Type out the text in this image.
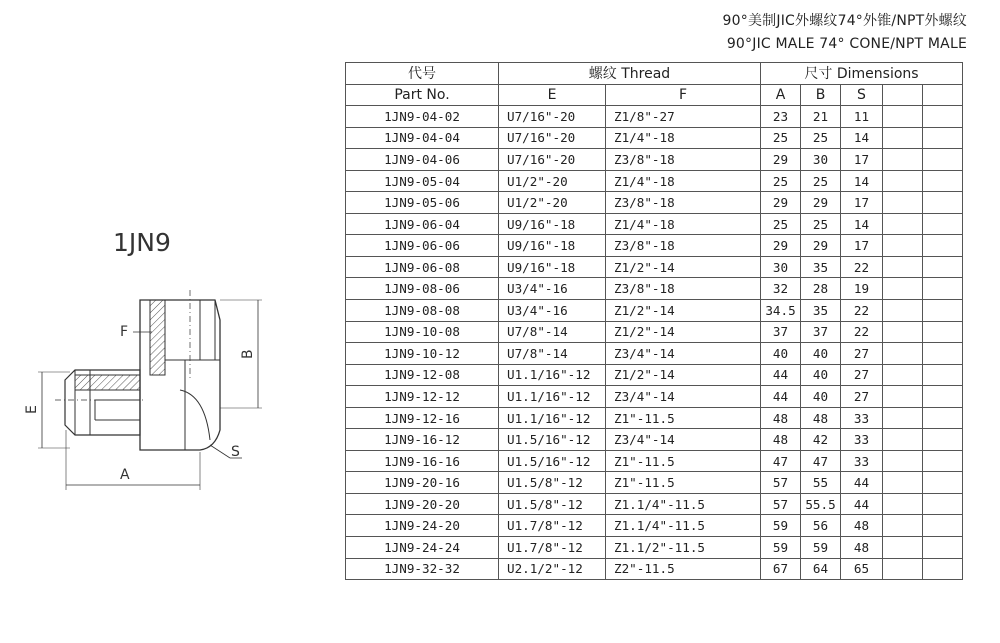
90°美制JIC外螺纹74°外锥/NPT外螺纹
90°JIC MALE 74° CONE/NPT MALE
1JN9
F
E
A
B
S
代号	螺纹 Thread		尺寸 Dimensions				
Part No.	E	F	A	B	S		
1JN9-04-02	U7/16"-20	Z1/8"-27	23	21	11		
1JN9-04-04	U7/16"-20	Z1/4"-18	25	25	14		
1JN9-04-06	U7/16"-20	Z3/8"-18	29	30	17		
1JN9-05-04	U1/2"-20	Z1/4"-18	25	25	14		
1JN9-05-06	U1/2"-20	Z3/8"-18	29	29	17		
1JN9-06-04	U9/16"-18	Z1/4"-18	25	25	14		
1JN9-06-06	U9/16"-18	Z3/8"-18	29	29	17		
1JN9-06-08	U9/16"-18	Z1/2"-14	30	35	22		
1JN9-08-06	U3/4"-16	Z3/8"-18	32	28	19		
1JN9-08-08	U3/4"-16	Z1/2"-14	34.5	35	22		
1JN9-10-08	U7/8"-14	Z1/2"-14	37	37	22		
1JN9-10-12	U7/8"-14	Z3/4"-14	40	40	27		
1JN9-12-08	U1.1/16"-12	Z1/2"-14	44	40	27		
1JN9-12-12	U1.1/16"-12	Z3/4"-14	44	40	27		
1JN9-12-16	U1.1/16"-12	Z1"-11.5	48	48	33		
1JN9-16-12	U1.5/16"-12	Z3/4"-14	48	42	33		
1JN9-16-16	U1.5/16"-12	Z1"-11.5	47	47	33		
1JN9-20-16	U1.5/8"-12	Z1"-11.5	57	55	44		
1JN9-20-20	U1.5/8"-12	Z1.1/4"-11.5	57	55.5	44		
1JN9-24-20	U1.7/8"-12	Z1.1/4"-11.5	59	56	48		
1JN9-24-24	U1.7/8"-12	Z1.1/2"-11.5	59	59	48		
1JN9-32-32	U2.1/2"-12	Z2"-11.5	67	64	65		
